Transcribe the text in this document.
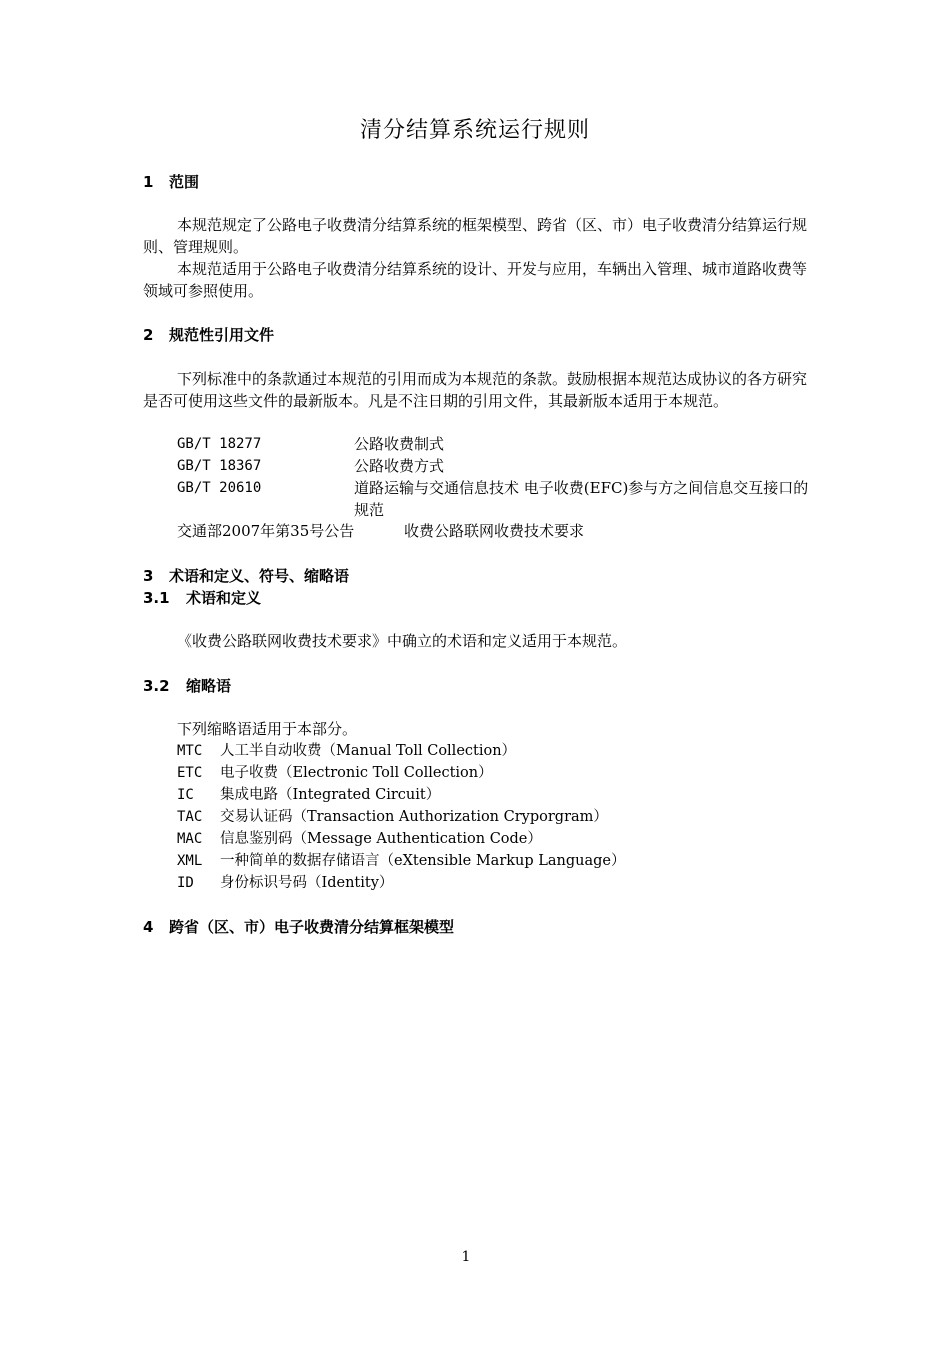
清分结算系统运行规则
1 范围
本规范规定了公路电子收费清分结算系统的框架模型、跨省（区、市）电子收费清分结算运行规则、管理规则。
本规范适用于公路电子收费清分结算系统的设计、开发与应用，车辆出入管理、城市道路收费等领域可参照使用。
2 规范性引用文件
下列标准中的条款通过本规范的引用而成为本规范的条款。鼓励根据本规范达成协议的各方研究是否可使用这些文件的最新版本。凡是不注日期的引用文件，其最新版本适用于本规范。
GB/T 18277	公路收费制式
GB/T 18367	公路收费方式
GB/T 20610	道路运输与交通信息技术 电子收费(EFC)参与方之间信息交互接口的规范
交通部2007年第35号公告	收费公路联网收费技术要求
3 术语和定义、符号、缩略语
3.1 术语和定义
《收费公路联网收费技术要求》中确立的术语和定义适用于本规范。
3.2 缩略语
下列缩略语适用于本部分。
MTC 人工半自动收费（Manual Toll Collection）
ETC 电子收费（Electronic Toll Collection）
IC 集成电路（Integrated Circuit）
TAC 交易认证码（Transaction Authorization Cryporgram）
MAC 信息鉴别码（Message Authentication Code）
XML 一种简单的数据存储语言（eXtensible Markup Language）
ID 身份标识号码（Identity）
4 跨省（区、市）电子收费清分结算框架模型
1
